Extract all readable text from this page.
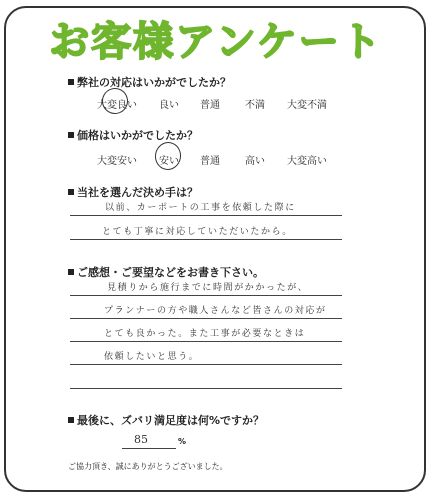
お客様アンケート
弊社の対応はいかがでしたか？
大変良い 良い 普通	不満 大変不満
価格はいかがでしたか？
大変安い 安い 普通	高い 大変高い
当社を選んだ決め手は？
以前、カーポートの工事を依頼した際に
とても丁寧に対応していただいたから。
ご感想・ご要望などをお書き下さい。
見積りから施行までに時間がかかったが、
プランナーの方や職人さんなど皆さんの対応が
とても良かった。また工事が必要なときは
依頼したいと思う。
最後に、ズバリ満足度は何%ですか？
85	%
ご協力頂き、誠にありがとうございました。
